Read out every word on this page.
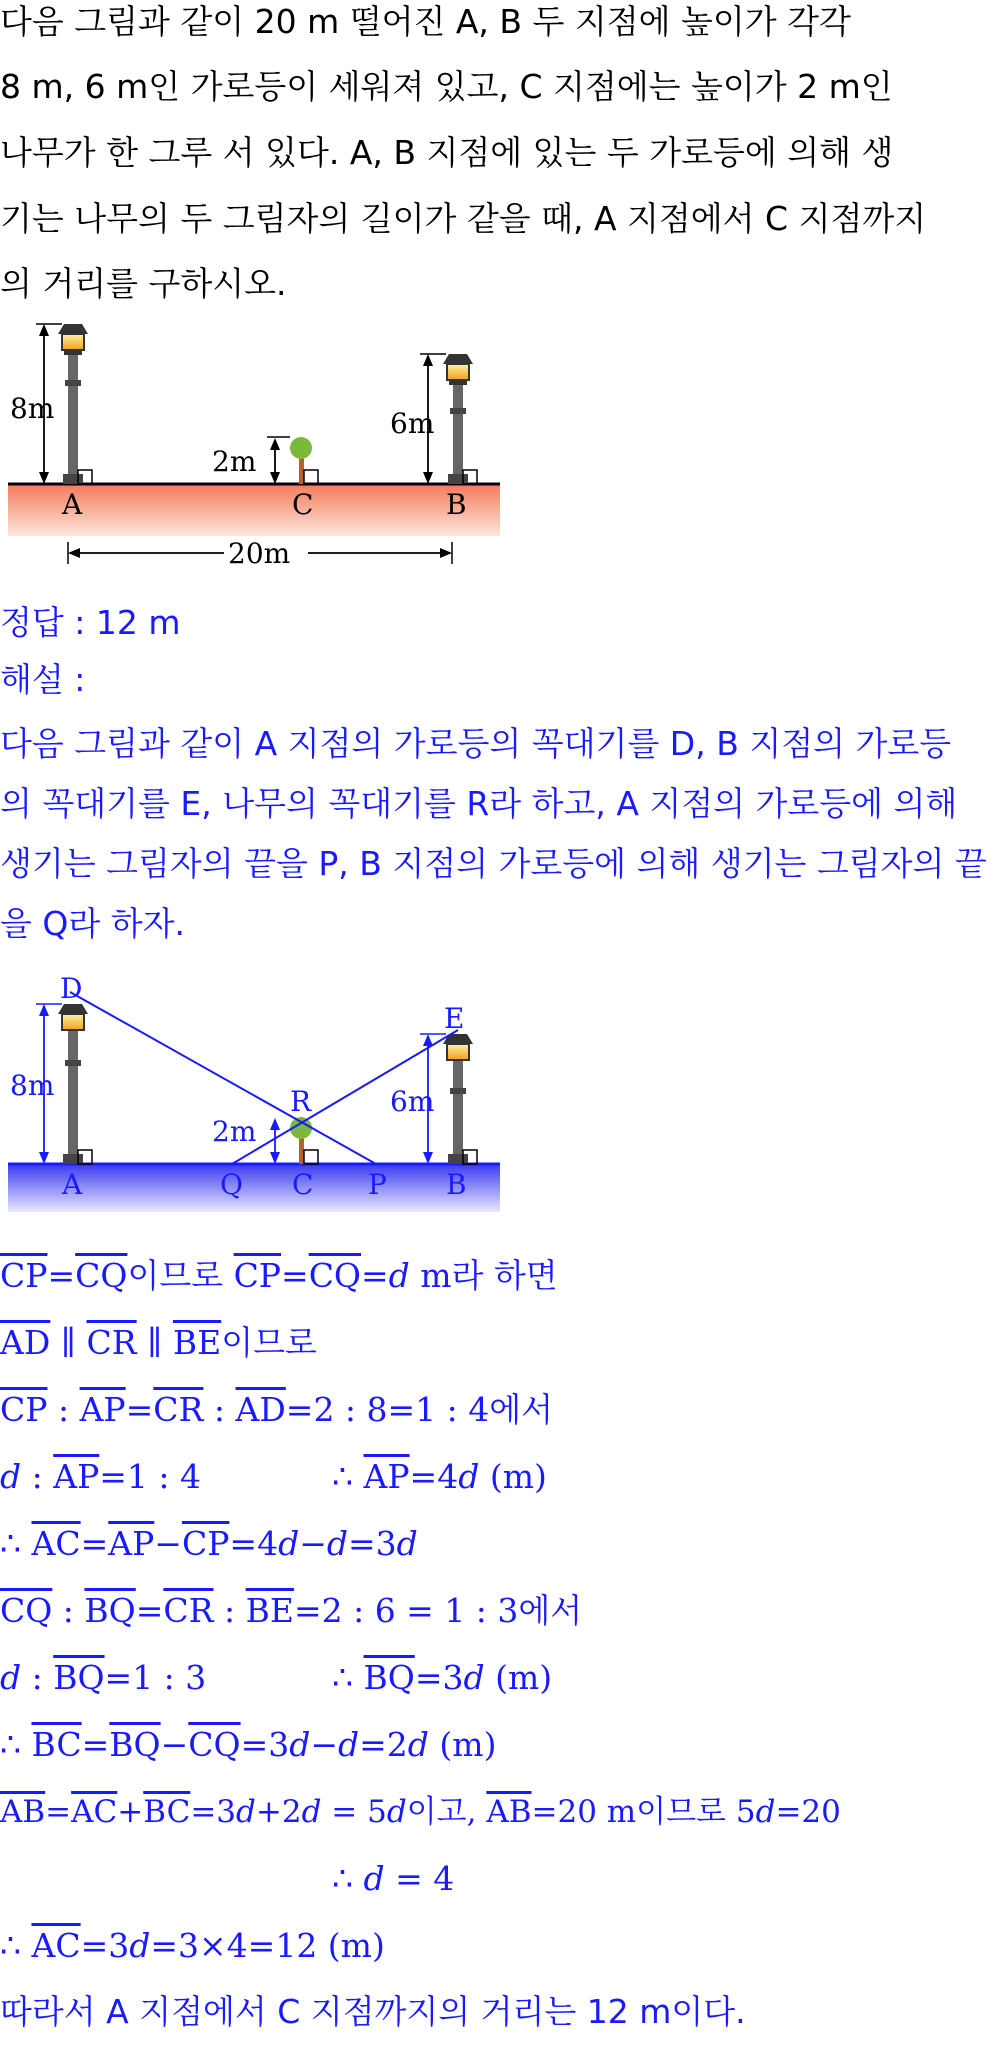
다음 그림과 같이 20 m 떨어진 A, B 두 지점에 높이가 각각
8 m, 6 m인 가로등이 세워져 있고, C 지점에는 높이가 2 m인
나무가 한 그루 서 있다. A, B 지점에 있는 두 가로등에 의해 생
기는 나무의 두 그림자의 길이가 같을 때, A 지점에서 C 지점까지
의 거리를 구하시오.
8m	6m
2m
A	C	B
20m
정답 : 12 m
해설 :
다음 그림과 같이 A 지점의 가로등의 꼭대기를 D, B 지점의 가로등
의 꼭대기를 E, 나무의 꼭대기를 R라 하고, A 지점의 가로등에 의해
생기는 그림자의 끝을 P, B 지점의 가로등에 의해 생기는 그림자의 끝
을 Q라 하자.
8m	6m
2m
D
E
R
A	Q C P B
$\overline{CP}=\overline{CQ}$이므로 $\overline{CP}=\overline{CQ}=d$ m라 하면
$\overline{AD}$ ∥ $\overline{CR}$ ∥ $\overline{BE}$이므로
$\overline{CP}$ : $\overline{AP}=\overline{CR}$ : $\overline{AD}=2$ : 8=1 : 4에서
d : $\overline{AP}=1$ : 4	∴ $\overline{AP}=4d$ (m)
∴ $\overline{AC}=\overline{AP}-\overline{CP}=4d-d=3d$
$\overline{CQ}$ : $\overline{BQ}=\overline{CR}$ : $\overline{BE}=2$ : 6 = 1 : 3에서
d : $\overline{BQ}=1$ : 3	∴ $\overline{BQ}=3d$ (m)
∴ $\overline{BC}=\overline{BQ}-\overline{CQ}=3d-d=2d$ (m)
$\overline{AB}=\overline{AC}+\overline{BC}=3d+2d = 5d$이고, $\overline{AB}=20$ m이므로 5d=20
∴ d = 4
∴ $\overline{AC}=3d=3\times 4=12$ (m)
따라서 A 지점에서 C 지점까지의 거리는 12 m이다.
